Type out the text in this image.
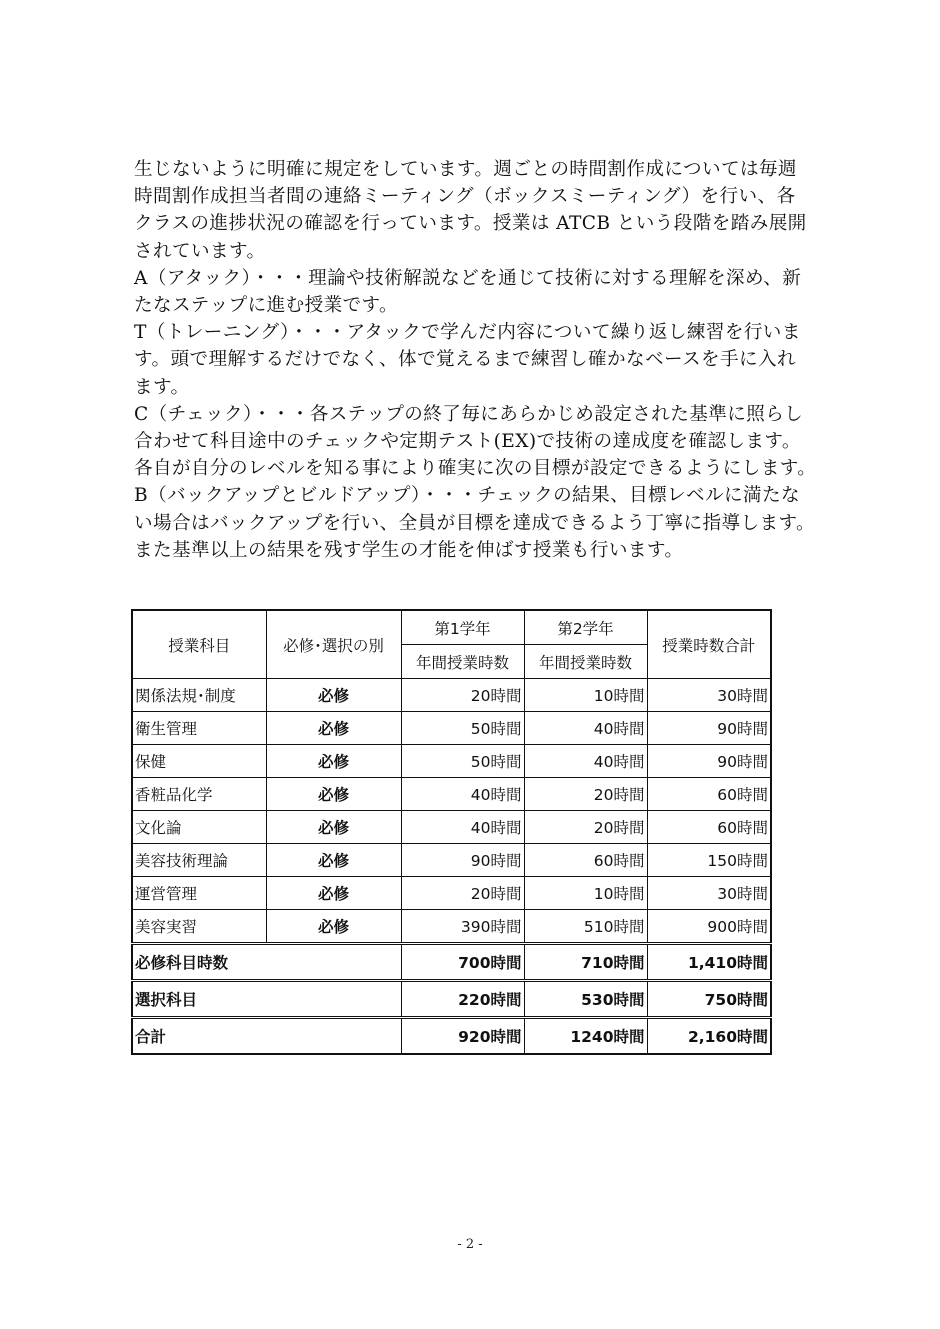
生じないように明確に規定をしています。週ごとの時間割作成については毎週

時間割作成担当者間の連絡ミーティング（ボックスミーティング）を行い、各

クラスの進捗状況の確認を行っています。授業は ATCB という段階を踏み展開

されています。

A（アタック）・・・理論や技術解説などを通じて技術に対する理解を深め、新

たなステップに進む授業です。

T（トレーニング）・・・アタックで学んだ内容について繰り返し練習を行いま

す。頭で理解するだけでなく、体で覚えるまで練習し確かなベースを手に入れ

ます。

C（チェック）・・・各ステップの終了毎にあらかじめ設定された基準に照らし

合わせて科目途中のチェックや定期テスト(EX)で技術の達成度を確認します。

各自が自分のレベルを知る事により確実に次の目標が設定できるようにします。

B（バックアップとビルドアップ）・・・チェックの結果、目標レベルに満たな

い場合はバックアップを行い、全員が目標を達成できるよう丁寧に指導します。

また基準以上の結果を残す学生の才能を伸ばす授業も行います。

授業科目	必修･選択の別	第1学年	第2学年	授業時数合計
		年間授業時数	年間授業時数	
関係法規･制度	必修	20時間	10時間	30時間
衛生管理	必修	50時間	40時間	90時間
保健	必修	50時間	40時間	90時間
香粧品化学	必修	40時間	20時間	60時間
文化論	必修	40時間	20時間	60時間
美容技術理論	必修	90時間	60時間	150時間
運営管理	必修	20時間	10時間	30時間
美容実習	必修	390時間	510時間	900時間
必修科目時数		700時間	710時間	1,410時間
選択科目		220時間	530時間	750時間
合計		920時間	1240時間	2,160時間
- 2 -
